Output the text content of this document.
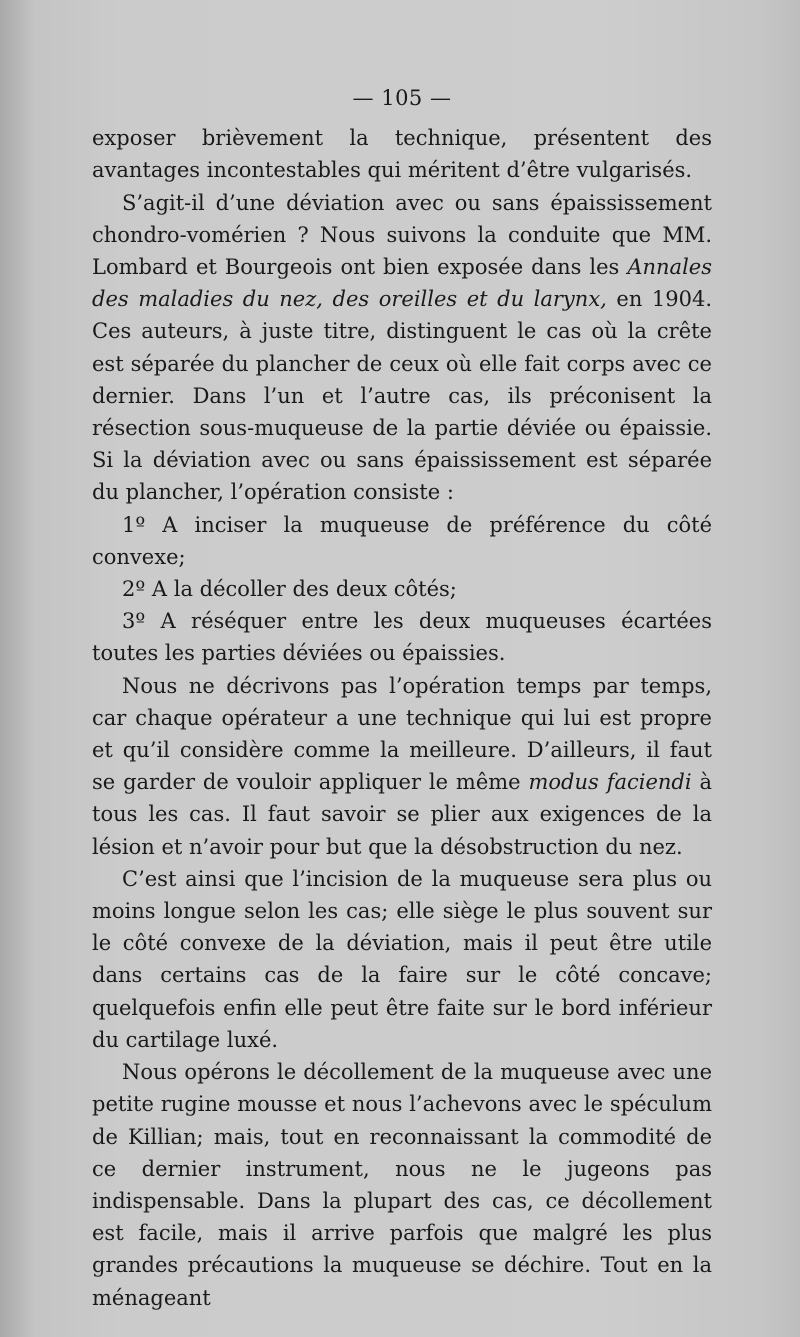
— 105 —

exposer brièvement la technique, présentent des avantages incontestables qui méritent d’être vulgarisés.

S’agit-il d’une déviation avec ou sans épaississement chondro-vomérien ? Nous suivons la conduite que MM. Lombard et Bourgeois ont bien exposée dans les Annales des maladies du nez, des oreilles et du larynx, en 1904. Ces auteurs, à juste titre, distinguent le cas où la crête est séparée du plancher de ceux où elle fait corps avec ce dernier. Dans l’un et l’autre cas, ils préconisent la résection sous-muqueuse de la partie déviée ou épaissie. Si la déviation avec ou sans épaississement est séparée du plancher, l’opération consiste :

1º A inciser la muqueuse de préférence du côté convexe;

2º A la décoller des deux côtés;

3º A réséquer entre les deux muqueuses écartées toutes les parties déviées ou épaissies.

Nous ne décrivons pas l’opération temps par temps, car chaque opérateur a une technique qui lui est propre et qu’il considère comme la meilleure. D’ailleurs, il faut se garder de vouloir appliquer le même modus faciendi à tous les cas. Il faut savoir se plier aux exigences de la lésion et n’avoir pour but que la désobstruction du nez.

C’est ainsi que l’incision de la muqueuse sera plus ou moins longue selon les cas; elle siège le plus souvent sur le côté convexe de la déviation, mais il peut être utile dans certains cas de la faire sur le côté concave; quelquefois enfin elle peut être faite sur le bord inférieur du cartilage luxé.

Nous opérons le décollement de la muqueuse avec une petite rugine mousse et nous l’achevons avec le spéculum de Killian; mais, tout en reconnaissant la commodité de ce dernier instrument, nous ne le jugeons pas indispensable. Dans la plupart des cas, ce décollement est facile, mais il arrive parfois que malgré les plus grandes précautions la muqueuse se déchire. Tout en la ménageant
